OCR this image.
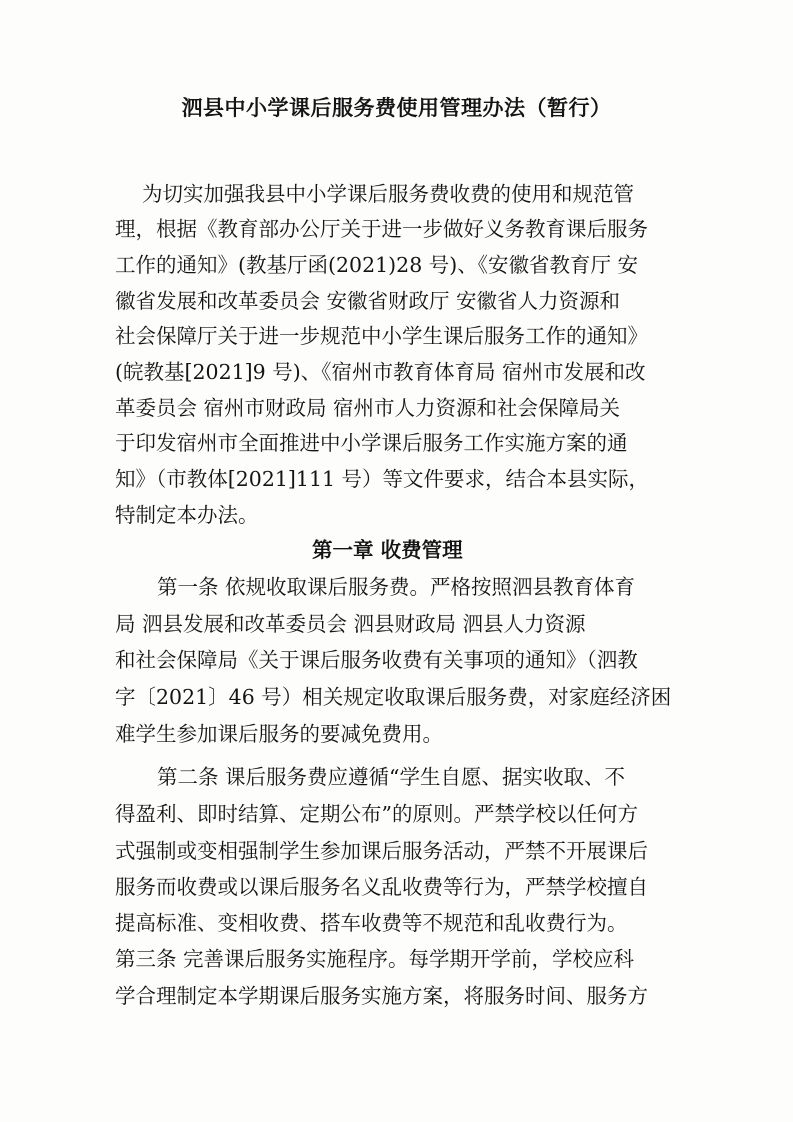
泗县中小学课后服务费使用管理办法（暂行）
为切实加强我县中小学课后服务费收费的使用和规范管
理，根据《教育部办公厅关于进一步做好义务教育课后服务
工作的通知》(教基厅函(2021)28 号)、《安徽省教育厅 安
徽省发展和改革委员会 安徽省财政厅 安徽省人力资源和
社会保障厅关于进一步规范中小学生课后服务工作的通知》
(皖教基[2021]9 号)、《宿州市教育体育局 宿州市发展和改
革委员会 宿州市财政局 宿州市人力资源和社会保障局关
于印发宿州市全面推进中小学课后服务工作实施方案的通
知》（市教体[2021]111 号）等文件要求，结合本县实际，
特制定本办法。
第一章 收费管理
第一条 依规收取课后服务费。严格按照泗县教育体育
局 泗县发展和改革委员会 泗县财政局 泗县人力资源
和社会保障局《关于课后服务收费有关事项的通知》（泗教
字〔2021〕46 号）相关规定收取课后服务费，对家庭经济困
难学生参加课后服务的要减免费用。
第二条 课后服务费应遵循“学生自愿、据实收取、不
得盈利、即时结算、定期公布”的原则。严禁学校以任何方
式强制或变相强制学生参加课后服务活动，严禁不开展课后
服务而收费或以课后服务名义乱收费等行为，严禁学校擅自
提高标准、变相收费、搭车收费等不规范和乱收费行为。
第三条 完善课后服务实施程序。每学期开学前，学校应科
学合理制定本学期课后服务实施方案，将服务时间、服务方
